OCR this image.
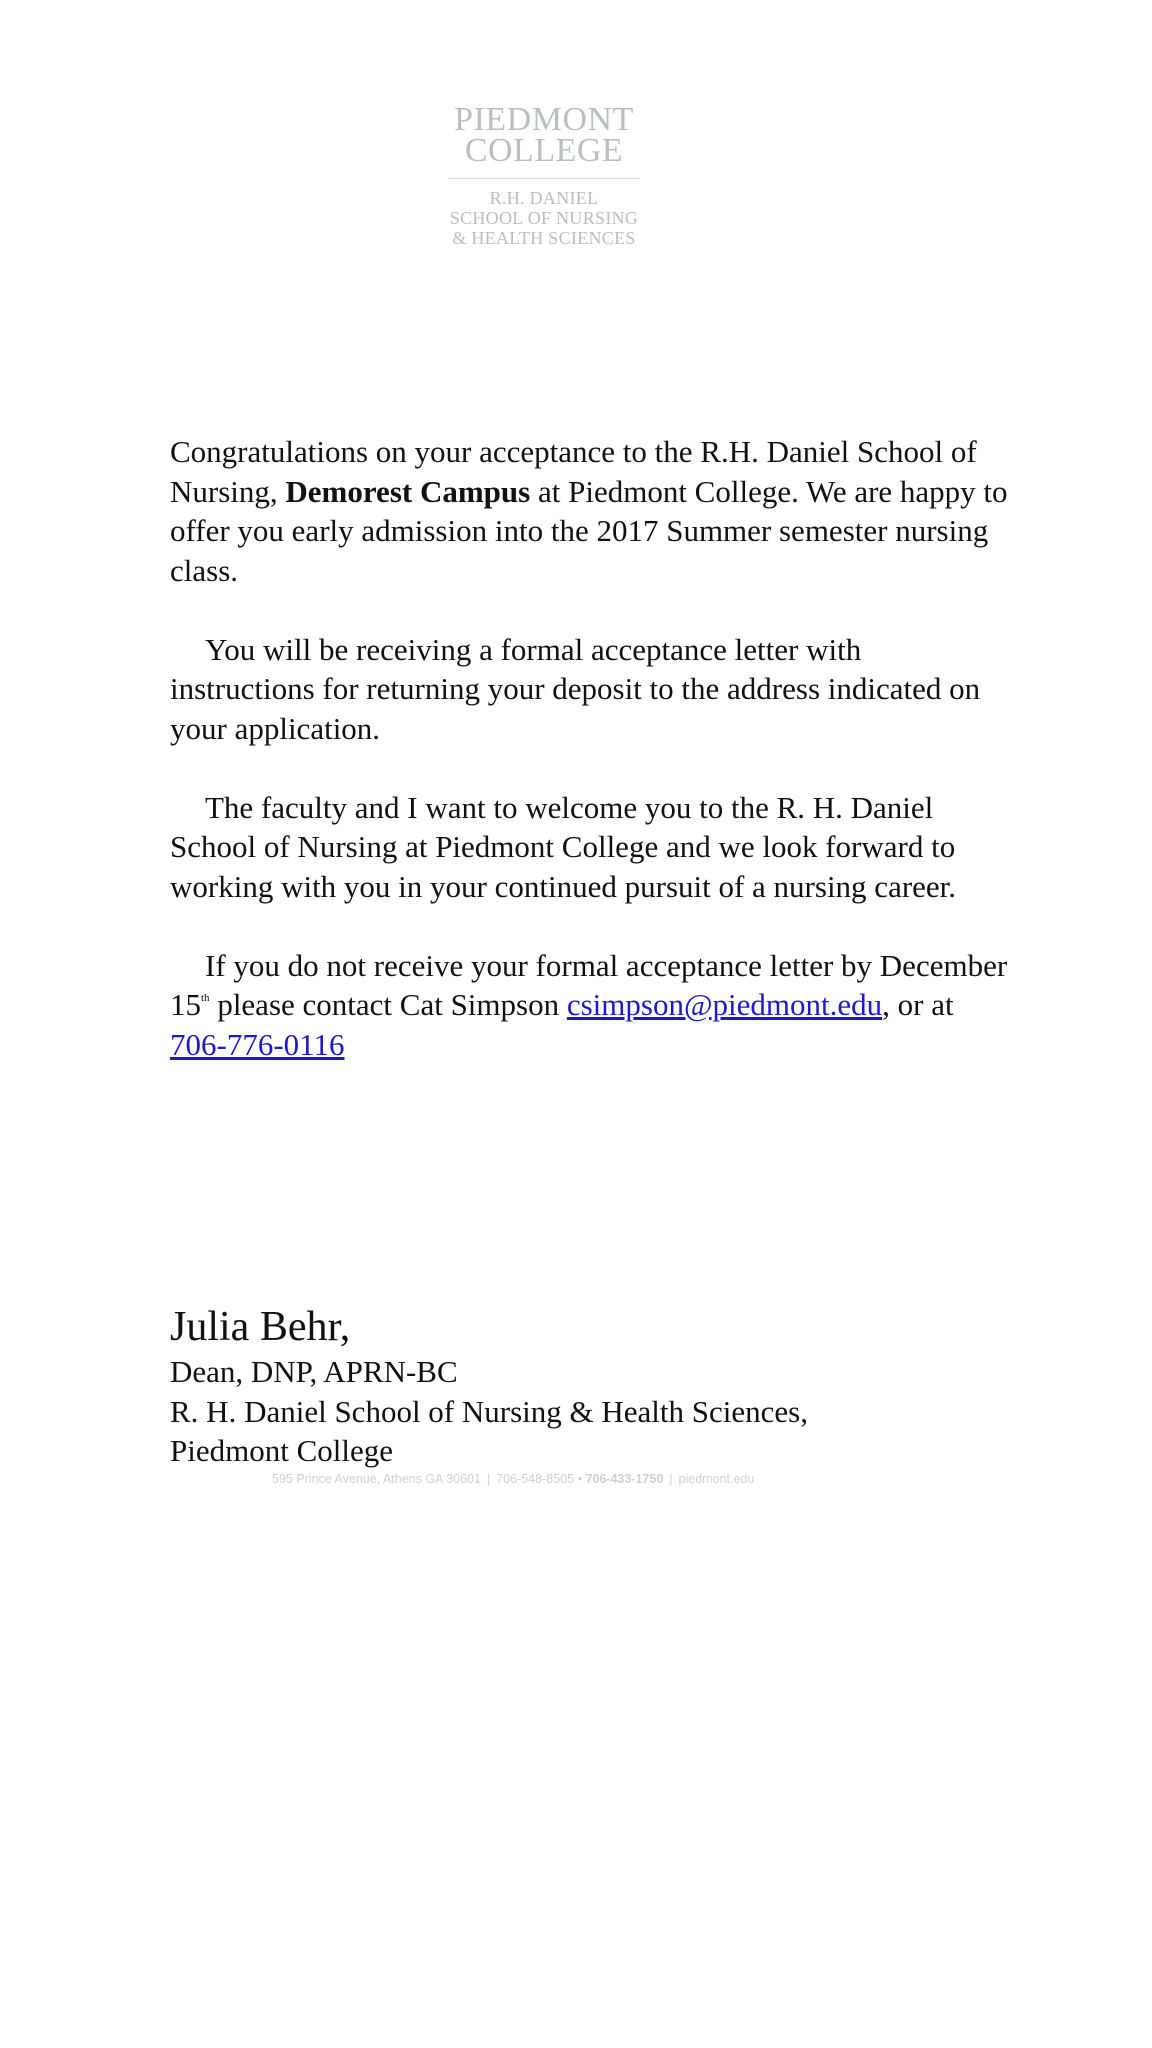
PIEDMONT
COLLEGE
R.H. DANIEL
SCHOOL OF NURSING
& HEALTH SCIENCES

Congratulations on your acceptance to the R.H. Daniel School of Nursing, Demorest Campus at Piedmont College. We are happy to offer you early admission into the 2017 Summer semester nursing class.

You will be receiving a formal acceptance letter with instructions for returning your deposit to the address indicated on your application.

The faculty and I want to welcome you to the R. H. Daniel School of Nursing at Piedmont College and we look forward to working with you in your continued pursuit of a nursing career.

If you do not receive your formal acceptance letter by December 15th please contact Cat Simpson csimpson@piedmont.edu, or at 706-776-0116

Julia Behr,
Dean, DNP, APRN-BC
R. H. Daniel School of Nursing & Health Sciences,
Piedmont College
595 Prince Avenue, Athens GA 30601 | 706-548-8505 • 706-433-1750 | piedmont.edu
